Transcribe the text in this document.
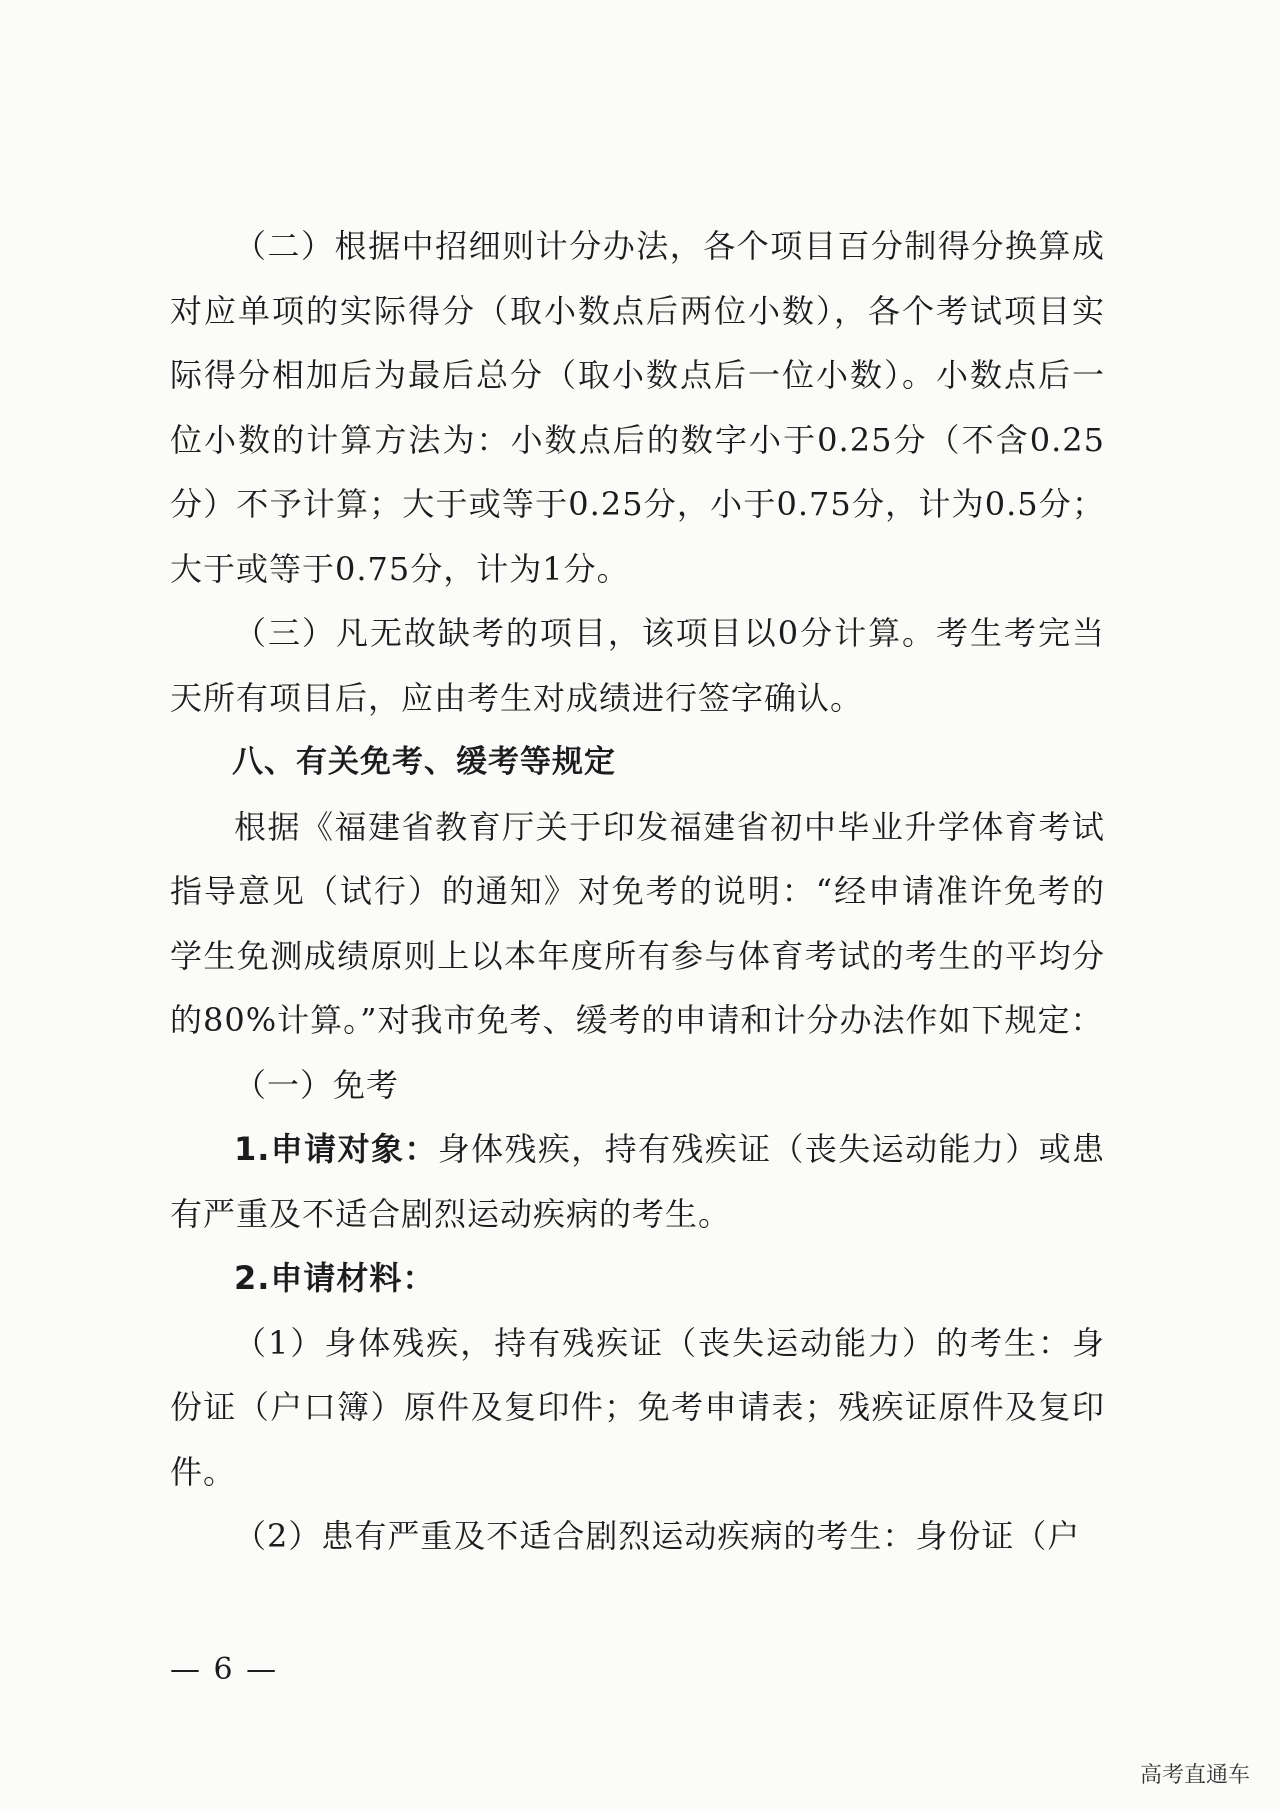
（二）根据中招细则计分办法，各个项目百分制得分换算成对应单项的实际得分（取小数点后两位小数），各个考试项目实际得分相加后为最后总分（取小数点后一位小数）。小数点后一位小数的计算方法为：小数点后的数字小于0.25分（不含0.25分）不予计算；大于或等于0.25分，小于0.75分，计为0.5分；大于或等于0.75分，计为1分。

（三）凡无故缺考的项目，该项目以0分计算。考生考完当天所有项目后，应由考生对成绩进行签字确认。

八、有关免考、缓考等规定

根据《福建省教育厅关于印发福建省初中毕业升学体育考试指导意见（试行）的通知》对免考的说明：“经申请准许免考的学生免测成绩原则上以本年度所有参与体育考试的考生的平均分的80%计算。”对我市免考、缓考的申请和计分办法作如下规定：

（一）免考

1.申请对象：身体残疾，持有残疾证（丧失运动能力）或患有严重及不适合剧烈运动疾病的考生。

2.申请材料：

（1）身体残疾，持有残疾证（丧失运动能力）的考生：身份证（户口簿）原件及复印件；免考申请表；残疾证原件及复印件。

（2）患有严重及不适合剧烈运动疾病的考生：身份证（户

— 6 —
高考直通车
